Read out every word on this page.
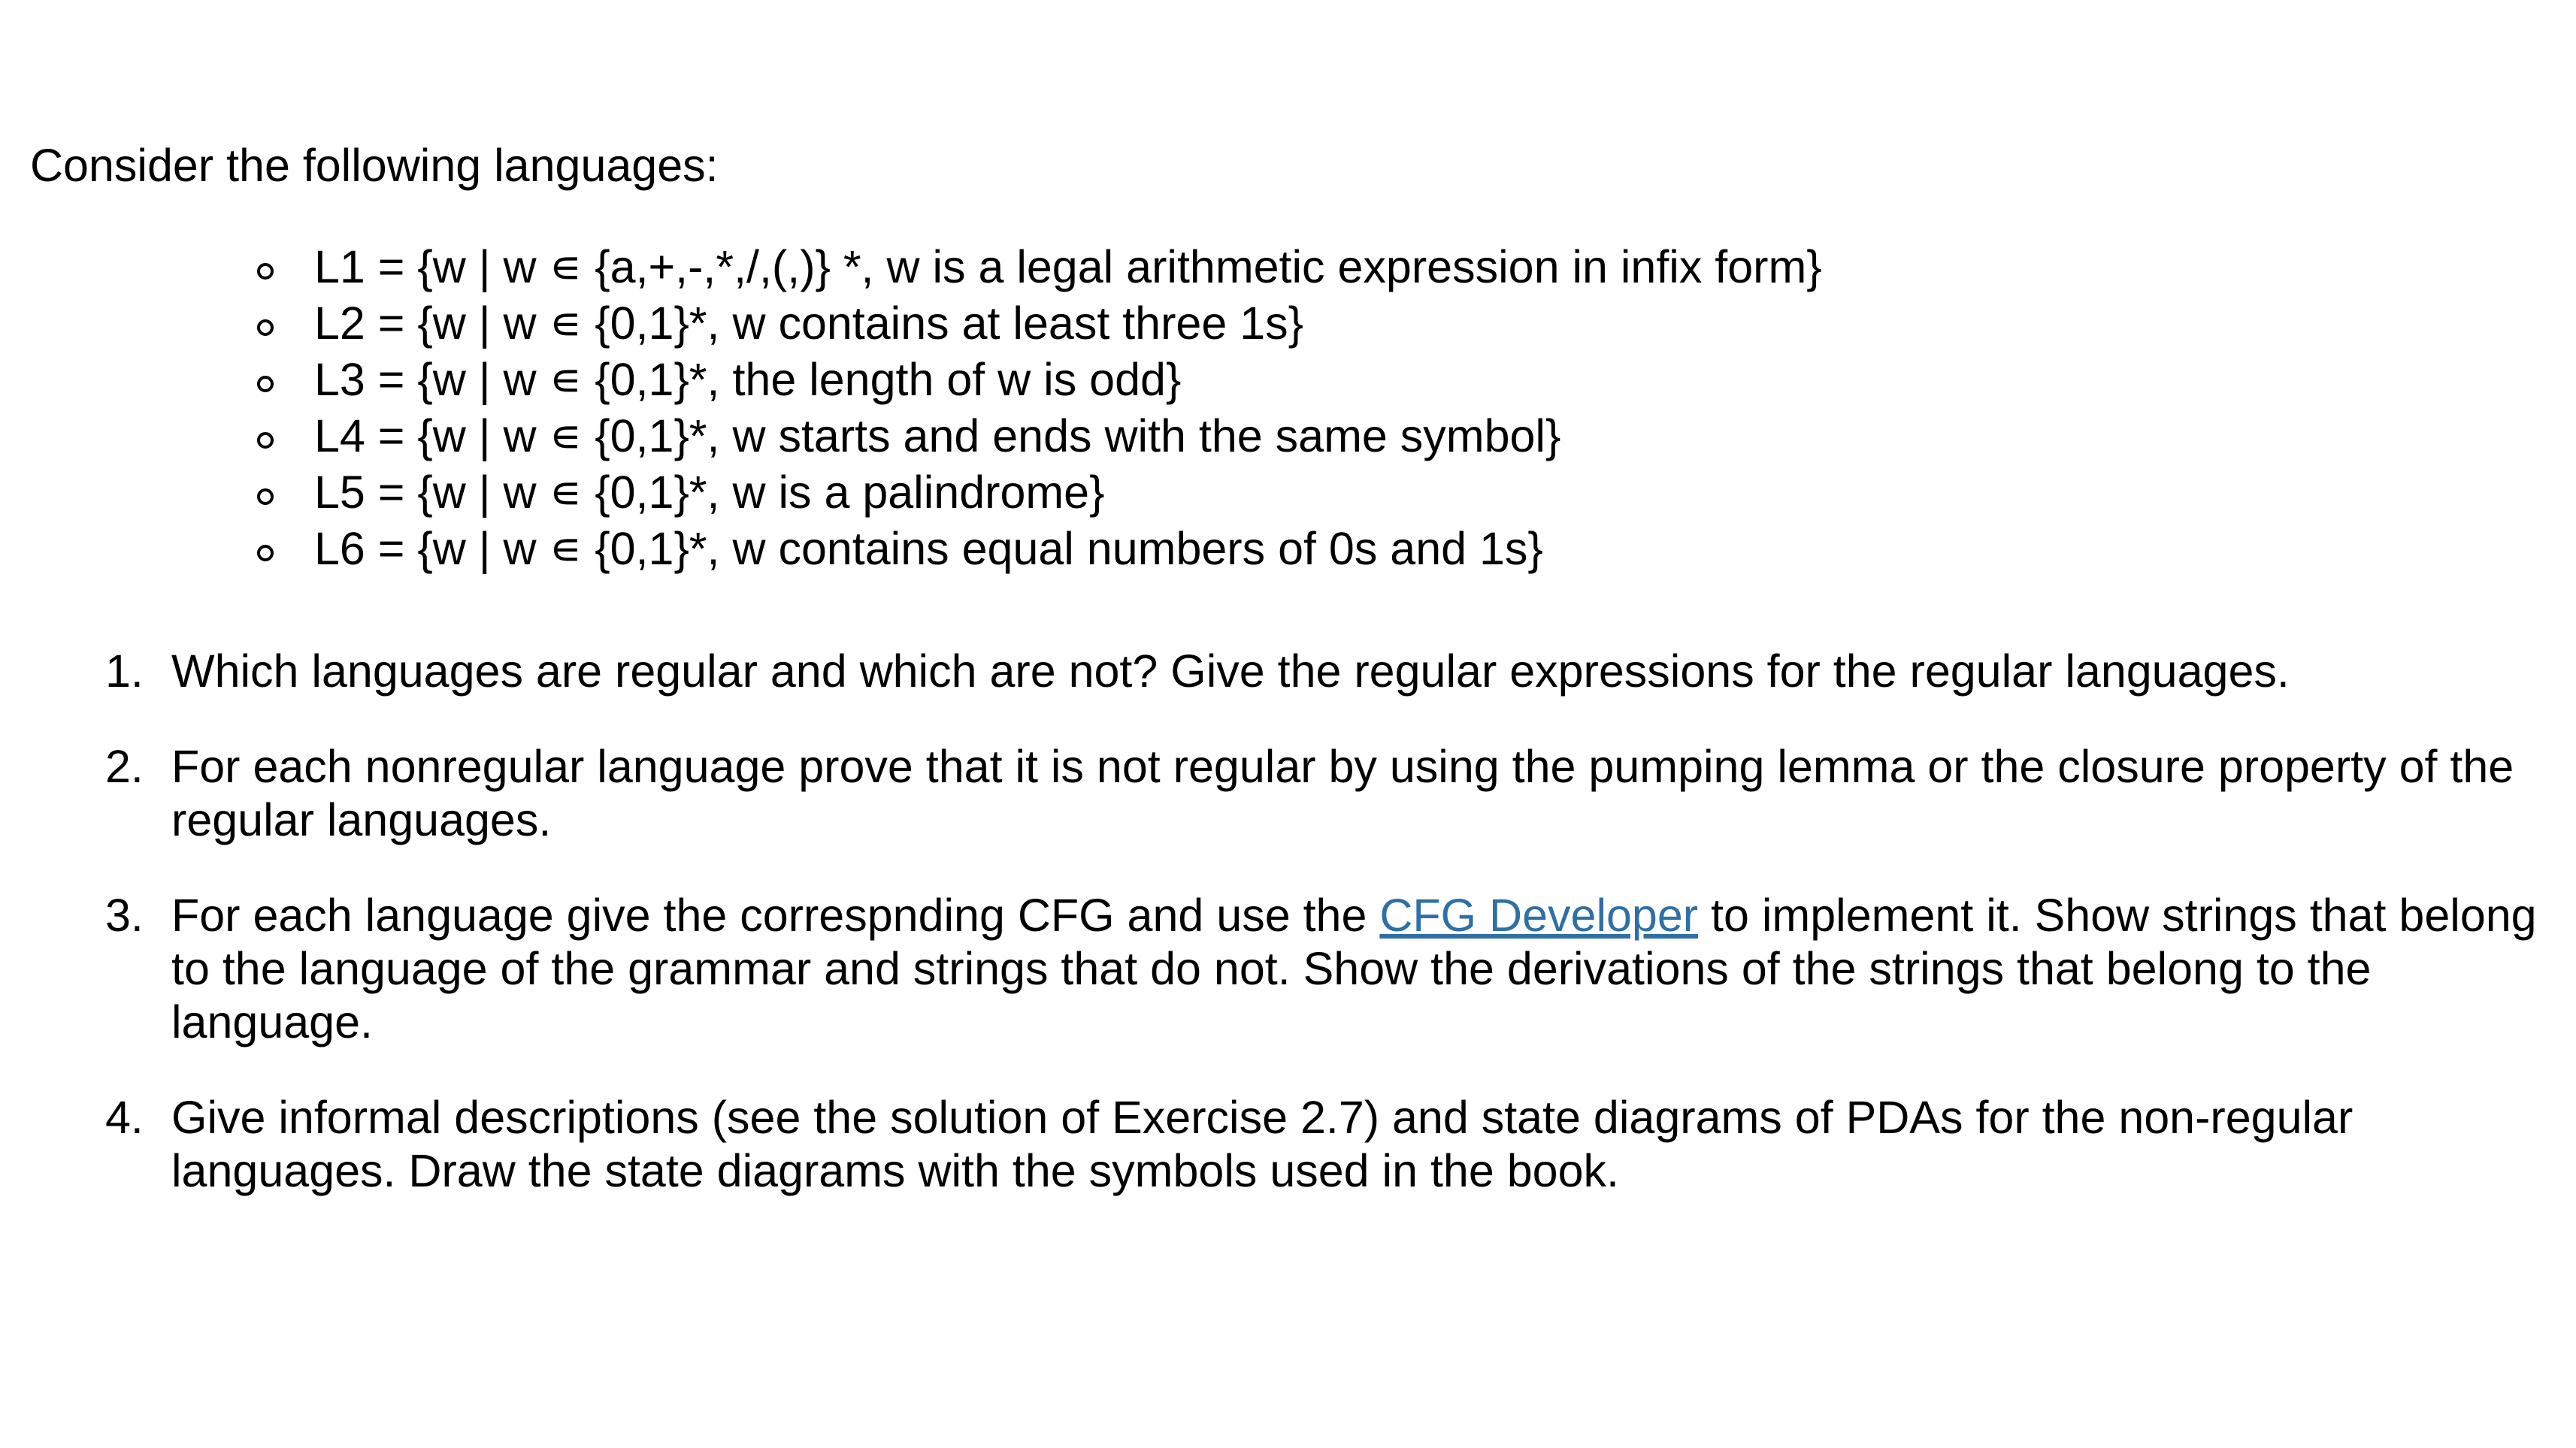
Consider the following languages:

L1 = {w | w ∊ {a,+,-,*,/,(,)} *, w is a legal arithmetic expression in infix form}
L2 = {w | w ∊ {0,1}*, w contains at least three 1s}
L3 = {w | w ∊ {0,1}*, the length of w is odd}
L4 = {w | w ∊ {0,1}*, w starts and ends with the same symbol}
L5 = {w | w ∊ {0,1}*, w is a palindrome}
L6 = {w | w ∊ {0,1}*, w contains equal numbers of 0s and 1s}
1. Which languages are regular and which are not? Give the regular expressions for the regular languages.
2. For each nonregular language prove that it is not regular by using the pumping lemma or the closure property of the regular languages.
3. For each language give the correspnding CFG and use the CFG Developer to implement it. Show strings that belong to the language of the grammar and strings that do not. Show the derivations of the strings that belong to the language.
4. Give informal descriptions (see the solution of Exercise 2.7) and state diagrams of PDAs for the non-regular languages. Draw the state diagrams with the symbols used in the book.
